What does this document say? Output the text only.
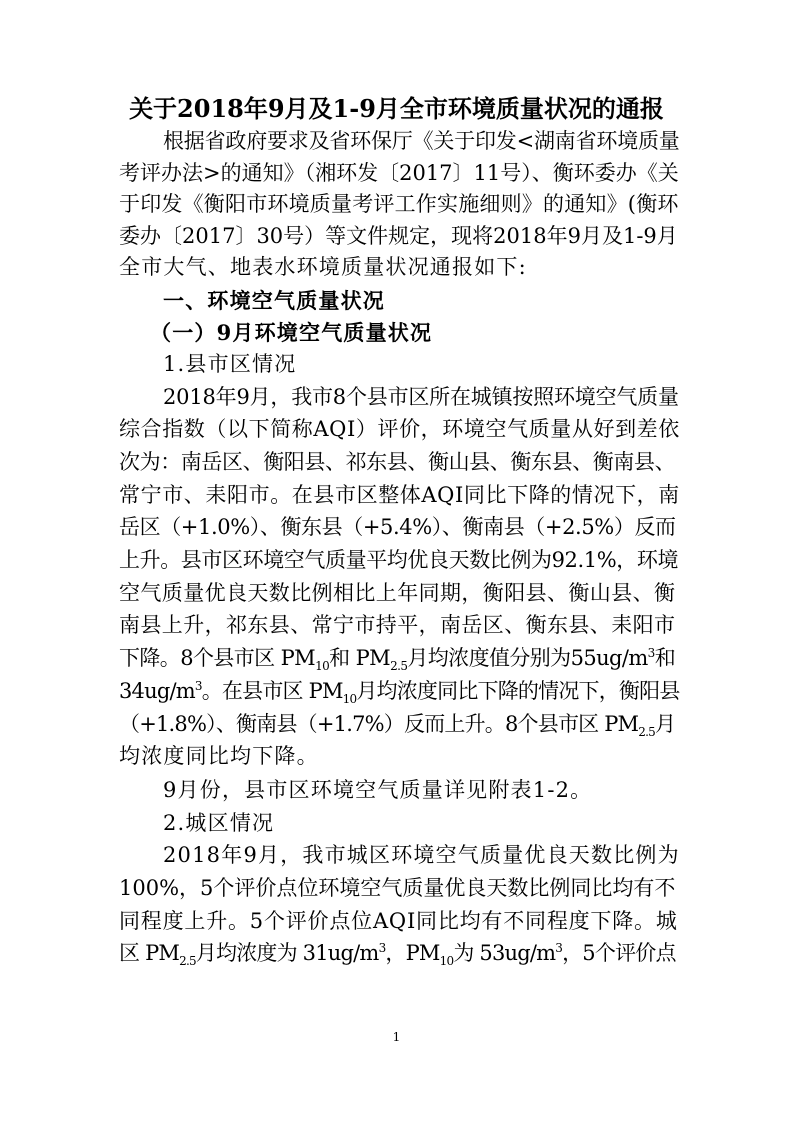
关于2018年9月及1-9月全市环境质量状况的通报
根据省政府要求及省环保厅《关于印发<湖南省环境质量
考评办法>的通知》（湘环发〔2017〕11号）、衡环委办《关
于印发《衡阳市环境质量考评工作实施细则》的通知》(衡环
委办〔2017〕30号）等文件规定，现将2018年9月及1-9月
全市大气、地表水环境质量状况通报如下:
一、环境空气质量状况
（一）9月环境空气质量状况
1.县市区情况
2018年9月，我市8个县市区所在城镇按照环境空气质量
综合指数（以下简称AQI）评价，环境空气质量从好到差依
次为：南岳区、衡阳县、祁东县、衡山县、衡东县、衡南县、
常宁市、耒阳市。在县市区整体AQI同比下降的情况下，南
岳区（+1.0%）、衡东县（+5.4%）、衡南县（+2.5%）反而
上升。县市区环境空气质量平均优良天数比例为92.1%，环境
空气质量优良天数比例相比上年同期，衡阳县、衡山县、衡
南县上升，祁东县、常宁市持平，南岳区、衡东县、耒阳市
下降。8个县市区 $PM_{10}$和 $PM_{2.5}$月均浓度值分别为$55ug/m^3$和
$34ug/m^3$。在县市区 $PM_{10}$月均浓度同比下降的情况下，衡阳县
（+1.8%）、衡南县（+1.7%）反而上升。8个县市区 $PM_{2.5}$月
均浓度同比均下降。
9月份，县市区环境空气质量详见附表1-2。
2.城区情况
2018年9月，我市城区环境空气质量优良天数比例为
100%，5个评价点位环境空气质量优良天数比例同比均有不
同程度上升。5个评价点位AQI同比均有不同程度下降。城
区 $PM_{2.5}$月均浓度为 $31ug/m^3$，$PM_{10}$为 $53ug/m^3$，5个评价点
1
